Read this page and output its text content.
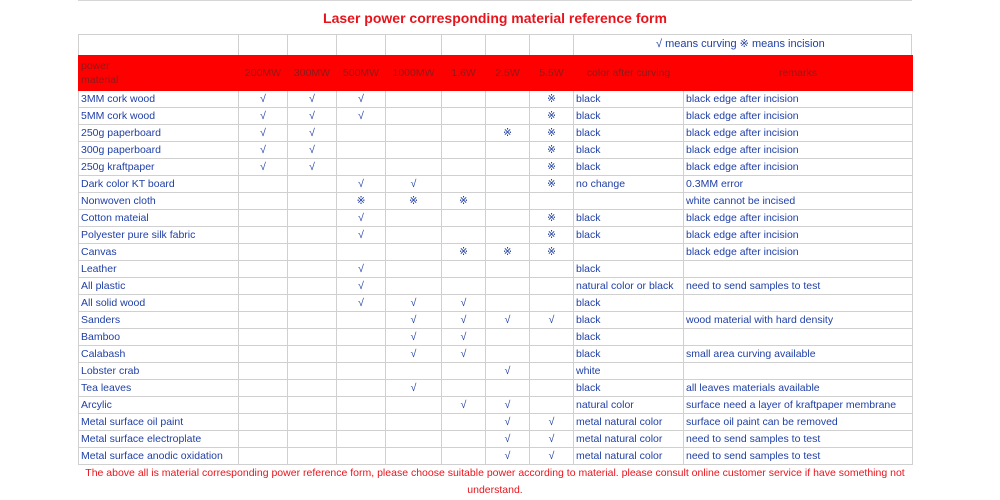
Laser power corresponding material reference form
√ means curving ※ means incision
power
material	200MW	300MW	500MW	1000MW	1.6W	2.5W	5.5W	color after curving	remarks
3MM cork wood	√	√	√				※	black	black edge after incision
5MM cork wood	√	√	√				※	black	black edge after incision
250g paperboard	√	√				※	※	black	black edge after incision
300g paperboard	√	√					※	black	black edge after incision
250g kraftpaper	√	√					※	black	black edge after incision
Dark color KT board			√	√			※	no change	0.3MM error
Nonwoven cloth			※	※	※				white cannot be incised
Cotton mateial			√				※	black	black edge after incision
Polyester pure silk fabric			√				※	black	black edge after incision
Canvas					※	※	※		black edge after incision
Leather			√					black	
All plastic			√					natural color or black	need to send samples to test
All solid wood			√	√	√			black	
Sanders				√	√	√	√	black	wood material with hard density
Bamboo				√	√			black	
Calabash				√	√			black	small area curving available
Lobster crab						√		white	
Tea leaves				√				black	all leaves materials available
Arcylic					√	√		natural color	surface need a layer of kraftpaper membrane
Metal surface oil paint						√	√	metal natural color	surface oil paint can be removed
Metal surface electroplate						√	√	metal natural color	need to send samples to test
Metal surface anodic oxidation						√	√	metal natural color	need to send samples to test
The above all is material corresponding power reference form, please choose suitable power according to material. please consult online customer service if have something not understand.
